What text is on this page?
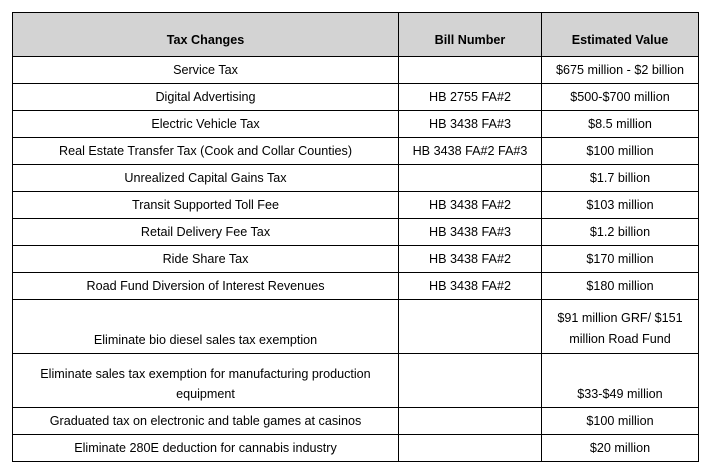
Tax Changes	Bill Number	Estimated Value
Service Tax		$675 million - $2 billion
Digital Advertising	HB 2755 FA#2	$500-$700 million
Electric Vehicle Tax	HB 3438 FA#3	$8.5 million
Real Estate Transfer Tax (Cook and Collar Counties)	HB 3438 FA#2 FA#3	$100 million
Unrealized Capital Gains Tax		$1.7 billion
Transit Supported Toll Fee	HB 3438 FA#2	$103 million
Retail Delivery Fee Tax	HB 3438 FA#3	$1.2 billion
Ride Share Tax	HB 3438 FA#2	$170 million
Road Fund Diversion of Interest Revenues	HB 3438 FA#2	$180 million
Eliminate bio diesel sales tax exemption		$91 million GRF/ $151 million Road Fund
Eliminate sales tax exemption for manufacturing production equipment		$33-$49 million
Graduated tax on electronic and table games at casinos		$100 million
Eliminate 280E deduction for cannabis industry		$20 million
